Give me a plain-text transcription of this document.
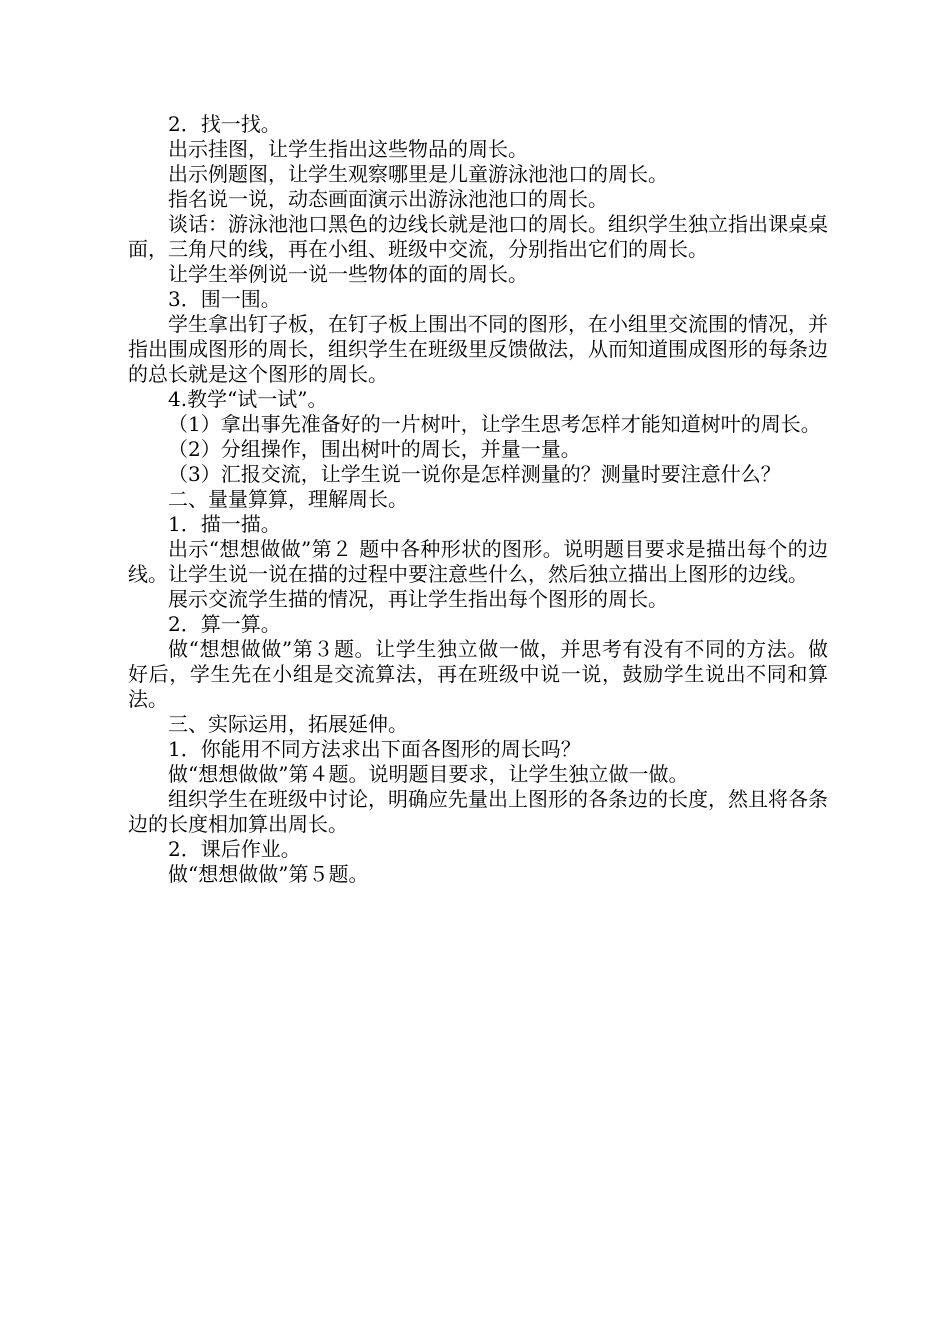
2．找一找。

出示挂图，让学生指出这些物品的周长。

出示例题图，让学生观察哪里是儿童游泳池池口的周长。

指名说一说，动态画面演示出游泳池池口的周长。

谈话：游泳池池口黑色的边线长就是池口的周长。组织学生独立指出课桌桌面，三角尺的线，再在小组、班级中交流，分别指出它们的周长。

让学生举例说一说一些物体的面的周长。

3．围一围。

学生拿出钉子板，在钉子板上围出不同的图形，在小组里交流围的情况，并指出围成图形的周长，组织学生在班级里反馈做法，从而知道围成图形的每条边的总长就是这个图形的周长。

4.教学“试一试”。

（1）拿出事先准备好的一片树叶，让学生思考怎样才能知道树叶的周长。

（2）分组操作，围出树叶的周长，并量一量。

（3）汇报交流，让学生说一说你是怎样测量的？测量时要注意什么？

二、量量算算，理解周长。

1．描一描。

出示“想想做做”第２ 题中各种形状的图形。说明题目要求是描出每个的边线。让学生说一说在描的过程中要注意些什么，然后独立描出上图形的边线。

展示交流学生描的情况，再让学生指出每个图形的周长。

2．算一算。

做“想想做做”第３题。让学生独立做一做，并思考有没有不同的方法。做好后，学生先在小组是交流算法，再在班级中说一说，鼓励学生说出不同和算法。

三、实际运用，拓展延伸。

1．你能用不同方法求出下面各图形的周长吗？

做“想想做做”第４题。说明题目要求，让学生独立做一做。

组织学生在班级中讨论，明确应先量出上图形的各条边的长度，然且将各条边的长度相加算出周长。

2．课后作业。

做“想想做做”第５题。
